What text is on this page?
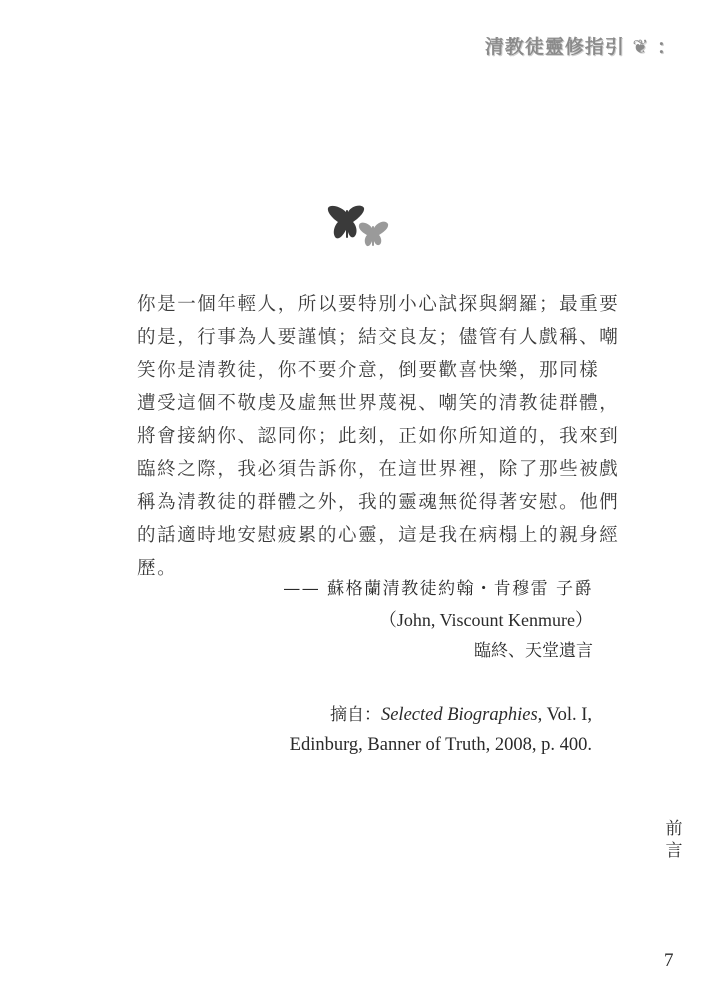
清教徒靈修指引 ❦ ：
你是一個年輕人，所以要特別小心試探與網羅；最重要
的是，行事為人要謹慎；結交良友；儘管有人戲稱、嘲
笑你是清教徒，你不要介意，倒要歡喜快樂，那同樣
遭受這個不敬虔及虛無世界蔑視、嘲笑的清教徒群體，
將會接納你、認同你；此刻，正如你所知道的，我來到
臨終之際，我必須告訴你，在這世界裡，除了那些被戲
稱為清教徒的群體之外，我的靈魂無從得著安慰。他們
的話適時地安慰疲累的心靈，這是我在病榻上的親身經
歷。
—— 蘇格蘭清教徒約翰・肯穆雷 子爵
（John, Viscount Kenmure）
臨終、天堂遺言
摘自：Selected Biographies, Vol. I,
Edinburg, Banner of Truth, 2008, p. 400.
前
言
7
